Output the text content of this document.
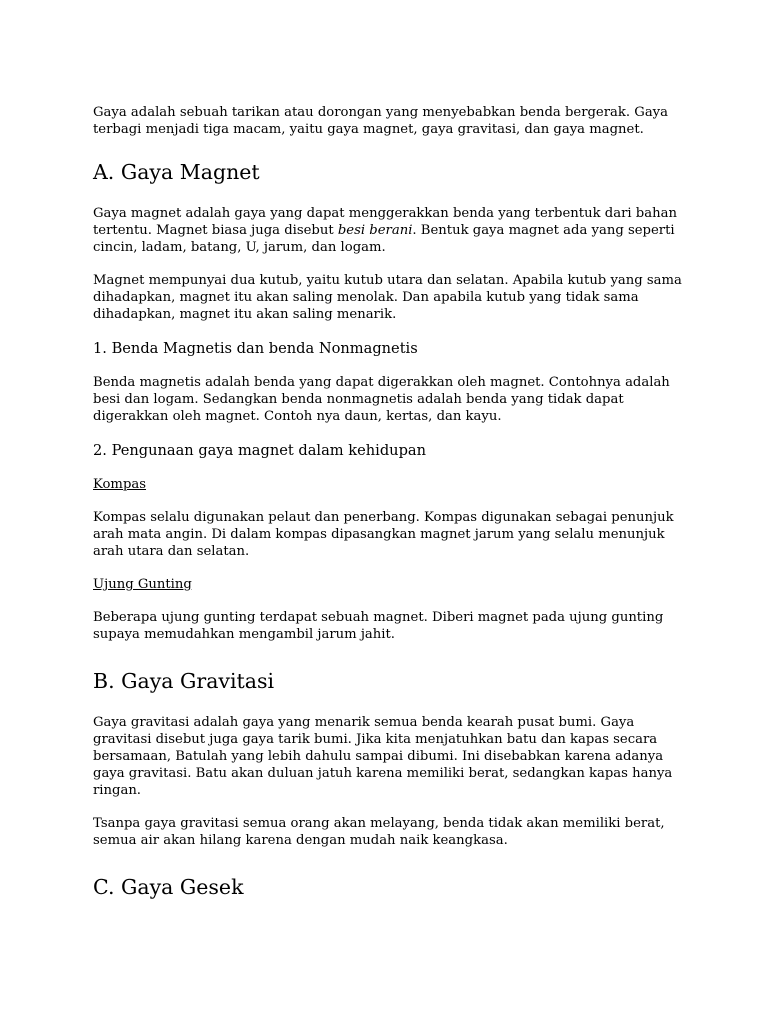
Gaya adalah sebuah tarikan atau dorongan yang menyebabkan benda bergerak. Gaya terbagi menjadi tiga macam, yaitu gaya magnet, gaya gravitasi, dan gaya magnet.

A. Gaya Magnet

Gaya magnet adalah gaya yang dapat menggerakkan benda yang terbentuk dari bahan tertentu. Magnet biasa juga disebut besi berani. Bentuk gaya magnet ada yang seperti cincin, ladam, batang, U, jarum, dan logam.

Magnet mempunyai dua kutub, yaitu kutub utara dan selatan. Apabila kutub yang sama dihadapkan, magnet itu akan saling menolak. Dan apabila kutub yang tidak sama dihadapkan, magnet itu akan saling menarik.

1. Benda Magnetis dan benda Nonmagnetis

Benda magnetis adalah benda yang dapat digerakkan oleh magnet. Contohnya adalah besi dan logam. Sedangkan benda nonmagnetis adalah benda yang tidak dapat digerakkan oleh magnet. Contoh nya daun, kertas, dan kayu.

2. Pengunaan gaya magnet dalam kehidupan

Kompas

Kompas selalu digunakan pelaut dan penerbang. Kompas digunakan sebagai penunjuk arah mata angin. Di dalam kompas dipasangkan magnet jarum yang selalu menunjuk arah utara dan selatan.

Ujung Gunting

Beberapa ujung gunting terdapat sebuah magnet. Diberi magnet pada ujung gunting supaya memudahkan mengambil jarum jahit.

B. Gaya Gravitasi

Gaya gravitasi adalah gaya yang menarik semua benda kearah pusat bumi. Gaya gravitasi disebut juga gaya tarik bumi. Jika kita menjatuhkan batu dan kapas secara bersamaan, Batulah yang lebih dahulu sampai dibumi. Ini disebabkan karena adanya gaya gravitasi. Batu akan duluan jatuh karena memiliki berat, sedangkan kapas hanya ringan.

Tsanpa gaya gravitasi semua orang akan melayang, benda tidak akan memiliki berat, semua air akan hilang karena dengan mudah naik keangkasa.

C. Gaya Gesek
